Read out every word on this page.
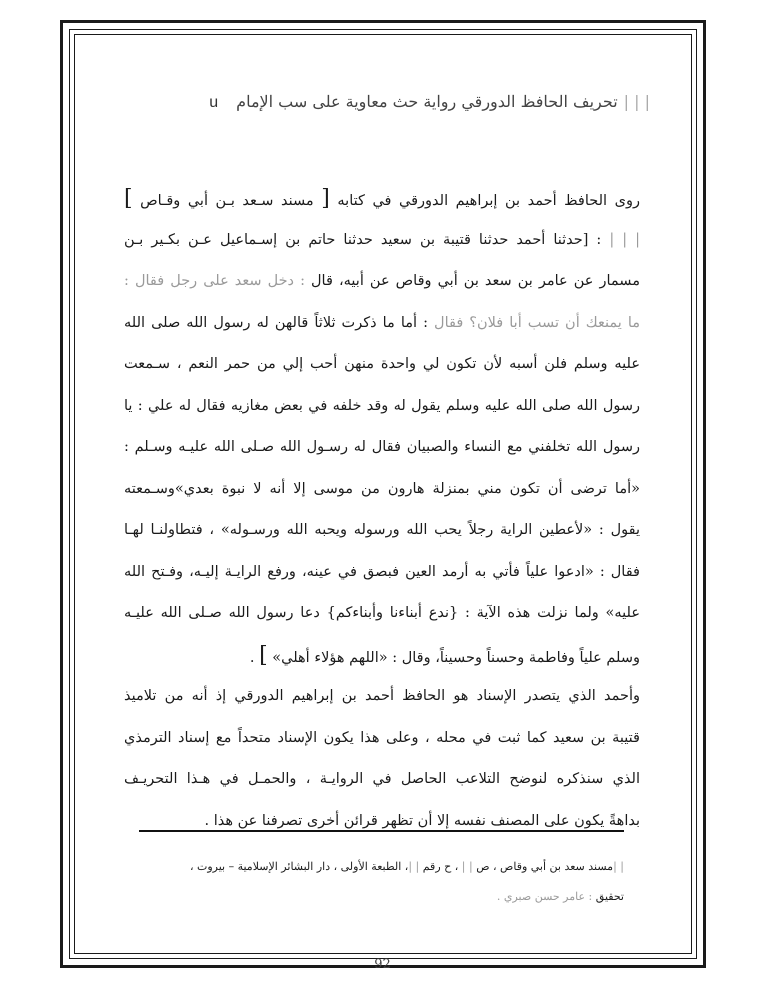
| | |تحريف الحافظ الدورقي رواية حث معاوية على سب الإمامu
روى الحافظ أحمد بن إبراهيم الدورقي في كتابه [ مسند سـعد بـن أبي وقـاص ]
| | | : [حدثنا أحمد حدثنا قتيبة بن سعيد حدثنا حاتم بن إسـماعيل عـن بكـير بـن
مسمار عن عامر بن سعد بن أبي وقاص عن أبيه، قال : دخل سعد على رجل فقال :
ما يمنعك أن تسب أبا فلان؟ فقال : أما ما ذكرت ثلاثاً قالهن له رسول الله صلى الله
عليه وسلم فلن أسبه لأن تكون لي واحدة منهن أحب إلي من حمر النعم ، سـمعت
رسول الله صلى الله عليه وسلم يقول له وقد خلفه في بعض مغازيه فقال له علي : يا
رسول الله تخلفني مع النساء والصبيان فقال له رسـول الله صـلى الله عليـه وسـلم :
«أما ترضى أن تكون مني بمنزلة هارون من موسى إلا أنه لا نبوة بعدي»وسـمعته
يقول : «لأعطين الراية رجلاً يحب الله ورسوله ويحبه الله ورسـوله» ، فتطاولنـا لهـا
فقال : «ادعوا علياً فأتي به أرمد العين فبصق في عينه، ورفع الرايـة إليـه، وفـتح الله
عليه» ولما نزلت هذه الآية : {ندع أبناءنا وأبناءكم} دعا رسول الله صـلى الله عليـه
وسلم علياً وفاطمة وحسناً وحسيناً، وقال : «اللهم هؤلاء أهلي» ] .
وأحمد الذي يتصدر الإسناد هو الحافظ أحمد بن إبراهيم الدورقي إذ أنه من تلاميذ
قتيبة بن سعيد كما ثبت في محله ، وعلى هذا يكون الإسناد متحداً مع إسناد الترمذي
الذي سنذكره لنوضح التلاعب الحاصل في الروايـة ، والحمـل في هـذا التحريـف
بداهةً يكون على المصنف نفسه إلا أن تظهر قرائن أخرى تصرفنا عن هذا .
| |مسند سعد بن أبي وقاص ، ص | | ، ح رقم | |، الطبعة الأولى ، دار البشائر الإسلامية – بيروت ،
تحقيق : عامر حسن صبري .
92
